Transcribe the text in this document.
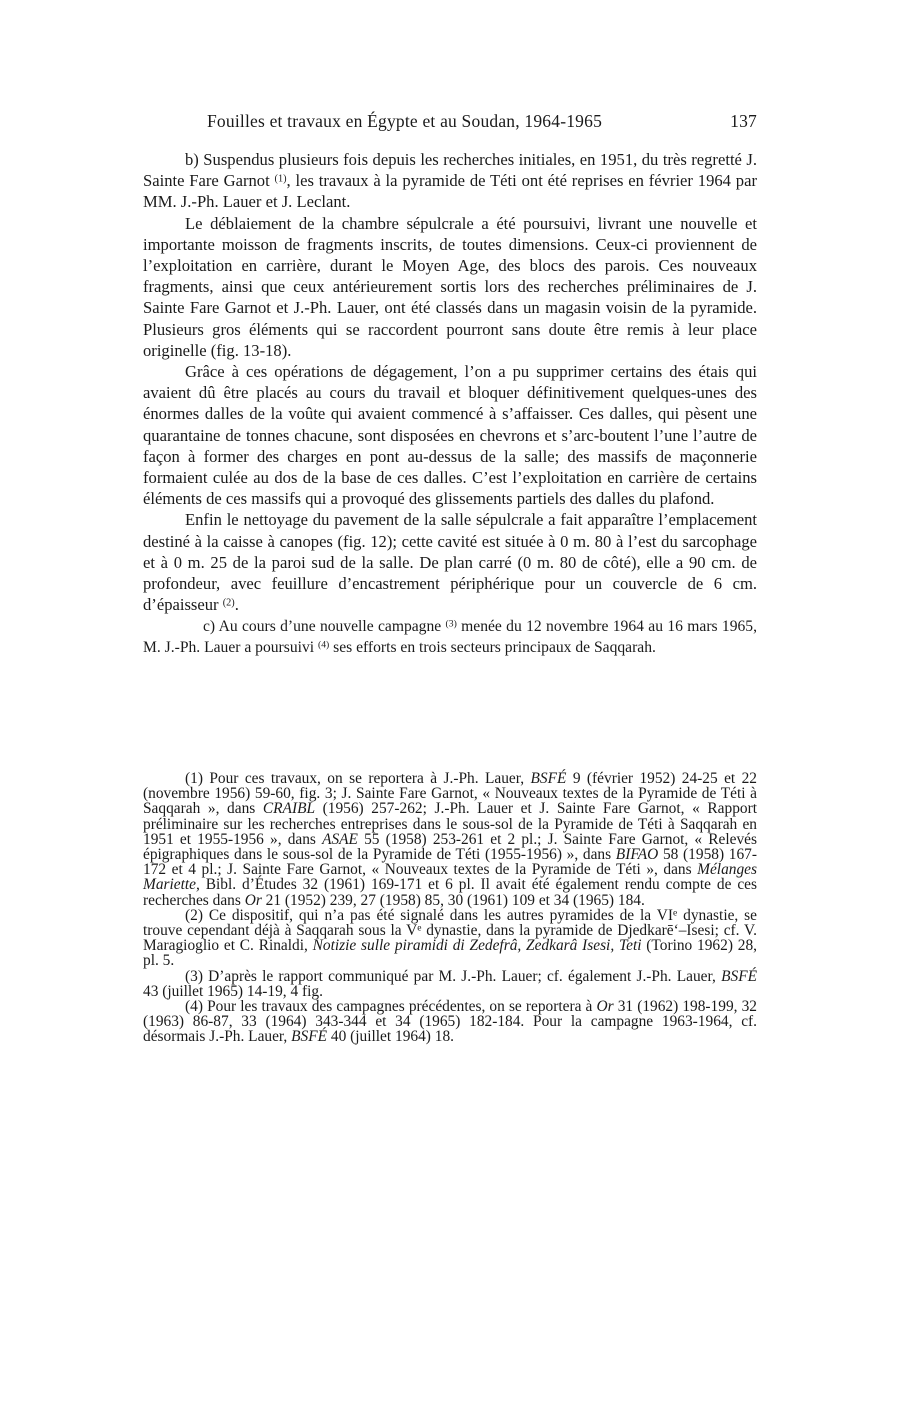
Fouilles et travaux en Égypte et au Soudan, 1964-1965	137

b) Suspendus plusieurs fois depuis les recherches initiales, en 1951, du très regretté J. Sainte Fare Garnot $^{(1)}$, les travaux à la pyramide de Téti ont été reprises en février 1964 par MM. J.-Ph. Lauer et J. Leclant.

Le déblaiement de la chambre sépulcrale a été poursuivi, livrant une nouvelle et importante moisson de fragments inscrits, de toutes dimensions. Ceux-ci proviennent de l’exploitation en carrière, durant le Moyen Age, des blocs des parois. Ces nouveaux fragments, ainsi que ceux antérieurement sortis lors des recherches préliminaires de J. Sainte Fare Garnot et J.-Ph. Lauer, ont été classés dans un magasin voisin de la pyramide. Plusieurs gros éléments qui se raccordent pourront sans doute être remis à leur place originelle (fig. 13-18).

Grâce à ces opérations de dégagement, l’on a pu supprimer certains des étais qui avaient dû être placés au cours du travail et bloquer définitivement quelques-unes des énormes dalles de la voûte qui avaient commencé à s’affaisser. Ces dalles, qui pèsent une quarantaine de tonnes chacune, sont disposées en chevrons et s’arc-boutent l’une l’autre de façon à former des charges en pont au-dessus de la salle; des massifs de maçonnerie formaient culée au dos de la base de ces dalles. C’est l’exploitation en carrière de certains éléments de ces massifs qui a provoqué des glissements partiels des dalles du plafond.

Enfin le nettoyage du pavement de la salle sépulcrale a fait apparaître l’emplacement destiné à la caisse à canopes (fig. 12); cette cavité est située à 0 m. 80 à l’est du sarcophage et à 0 m. 25 de la paroi sud de la salle. De plan carré (0 m. 80 de côté), elle a 90 cm. de profondeur, avec feuillure d’encastrement périphérique pour un couvercle de 6 cm. d’épaisseur $^{(2)}$.

c) Au cours d’une nouvelle campagne $^{(3)}$ menée du 12 novembre 1964 au 16 mars 1965, M. J.-Ph. Lauer a poursuivi $^{(4)}$ ses efforts en trois secteurs principaux de Saqqarah.

(1) Pour ces travaux, on se reportera à J.-Ph. Lauer, BSFÉ 9 (février 1952) 24-25 et 22 (novembre 1956) 59-60, fig. 3; J. Sainte Fare Garnot, « Nouveaux textes de la Pyramide de Téti à Saqqarah », dans CRAIBL (1956) 257-262; J.-Ph. Lauer et J. Sainte Fare Garnot, « Rapport préliminaire sur les recherches entreprises dans le sous-sol de la Pyramide de Téti à Saqqarah en 1951 et 1955-1956 », dans ASAE 55 (1958) 253-261 et 2 pl.; J. Sainte Fare Garnot, « Relevés épigraphiques dans le sous-sol de la Pyramide de Téti (1955-1956) », dans BIFAO 58 (1958) 167-172 et 4 pl.; J. Sainte Fare Garnot, « Nouveaux textes de la Pyramide de Téti », dans Mélanges Mariette, Bibl. d’Études 32 (1961) 169-171 et 6 pl. Il avait été également rendu compte de ces recherches dans Or 21 (1952) 239, 27 (1958) 85, 30 (1961) 109 et 34 (1965) 184.

(2) Ce dispositif, qui n’a pas été signalé dans les autres pyramides de la VIe dynastie, se trouve cependant déjà à Saqqarah sous la Ve dynastie, dans la pyramide de Djedkarē‘–Isesi; cf. V. Maragioglio et C. Rinaldi, Notizie sulle piramidi di Zedefrâ, Zedkarâ Isesi, Teti (Torino 1962) 28, pl. 5.

(3) D’après le rapport communiqué par M. J.-Ph. Lauer; cf. également J.-Ph. Lauer, BSFÉ 43 (juillet 1965) 14-19, 4 fig.

(4) Pour les travaux des campagnes précédentes, on se reportera à Or 31 (1962) 198-199, 32 (1963) 86-87, 33 (1964) 343-344 et 34 (1965) 182-184. Pour la campagne 1963-1964, cf. désormais J.-Ph. Lauer, BSFÉ 40 (juillet 1964) 18.
